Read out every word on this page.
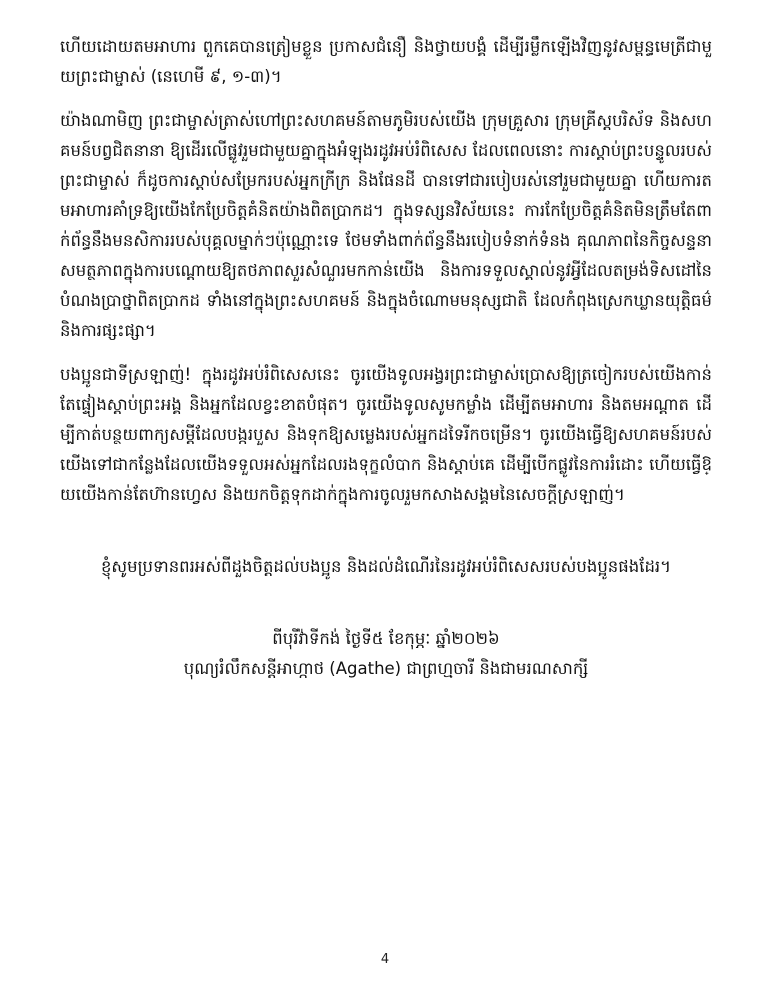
ហើយដោយតមអាហារ ពួកគេបានត្រៀមខ្លួន ប្រកាសជំនឿ និងថ្វាយបង្គំ ដើម្បីរម្លឹកឡើងវិញនូវសម្ពន្ធមេត្រីជាមួយព្រះជាម្ចាស់ (នេហេមី ៩, ១-៣)។

យ៉ាងណាមិញ ព្រះជាម្ចាស់ត្រាស់ហៅព្រះសហគមន៍តាមភូមិរបស់យើង ក្រុមគ្រួសារ ក្រុមគ្រីស្តបរិស័ទ និងសហគមន៍បព្វជិតនានា ឱ្យដើរលើផ្លូវរួមជាមួយគ្នាក្នុងអំឡុងរដូវអប់រំពិសេស ដែលពេលនោះ ការស្តាប់ព្រះបន្ទូលរបស់ព្រះជាម្ចាស់ ក៏ដូចការស្តាប់សម្រែករបស់អ្នកក្រីក្រ និងផែនដី បានទៅជារបៀបរស់នៅរួមជាមួយគ្នា ហើយការតមអាហារគាំទ្រឱ្យយើងកែប្រែចិត្តគំនិតយ៉ាងពិតប្រាកដ។ ក្នុងទស្សនវិស័យនេះ ការកែប្រែចិត្តគំនិតមិនត្រឹមតែពាក់ព័ន្ធនឹងមនសិការរបស់បុគ្គលម្នាក់ៗប៉ុណ្ណោះទេ ថែមទាំងពាក់ព័ន្ធនឹងរបៀបទំនាក់ទំនង គុណភាពនៃកិច្ចសន្ទនា សមត្ថភាពក្នុងការបណ្ដោយឱ្យតថភាពសួរសំណួរមកកាន់យើង និងការទទួលស្គាល់នូវអ្វីដែលតម្រង់ទិសដៅនៃបំណងប្រាថ្នាពិតប្រាកដ ទាំងនៅក្នុងព្រះសហគមន៍ និងក្នុងចំណោមមនុស្សជាតិ ដែលកំពុងស្រេកឃ្លានយុត្តិធម៌ និងការផ្សះផ្សា។

បងប្អូនជាទីស្រឡាញ់! ក្នុងរដូវអប់រំពិសេសនេះ ចូរយើងទូលអង្វរព្រះជាម្ចាស់ប្រោសឱ្យត្រចៀករបស់យើងកាន់តែផ្ទៀងស្តាប់ព្រះអង្គ និងអ្នកដែលខ្វះខាតបំផុត។ ចូរយើងទូលសូមកម្លាំង ដើម្បីតមអាហារ និងតមអណ្តាត ដើម្បីកាត់បន្ថយពាក្យសម្ដីដែលបង្ករបួស និងទុកឱ្យសម្លេងរបស់អ្នកដទៃរីកចម្រើន។ ចូរយើងធ្វើឱ្យសហគមន៍របស់យើងទៅជាកន្លែងដែលយើងទទួលអស់អ្នកដែលរងទុក្ខលំបាក និងស្តាប់គេ ដើម្បីបើកផ្លូវនៃការរំដោះ ហើយធ្វើឱ្យយើងកាន់តែហ៊ានហ្វេស និងយកចិត្តទុកដាក់ក្នុងការចូលរួមកសាងសង្គមនៃសេចក្តីស្រឡាញ់។

ខ្ញុំសូមប្រទានពរអស់ពីដួងចិត្តដល់បងប្អូន និងដល់ដំណើរនៃរដូវអប់រំពិសេសរបស់បងប្អូនផងដែរ។

ពីបុរីវ៉ាទីកង់ ថ្ងៃទី៥ ខែកុម្ភៈ ឆ្នាំ២០២៦
បុណ្យរំលឹកសន្តីអាហ្កាថ (Agathe) ជាព្រហ្មចារី និងជាមរណសាក្សី
4
